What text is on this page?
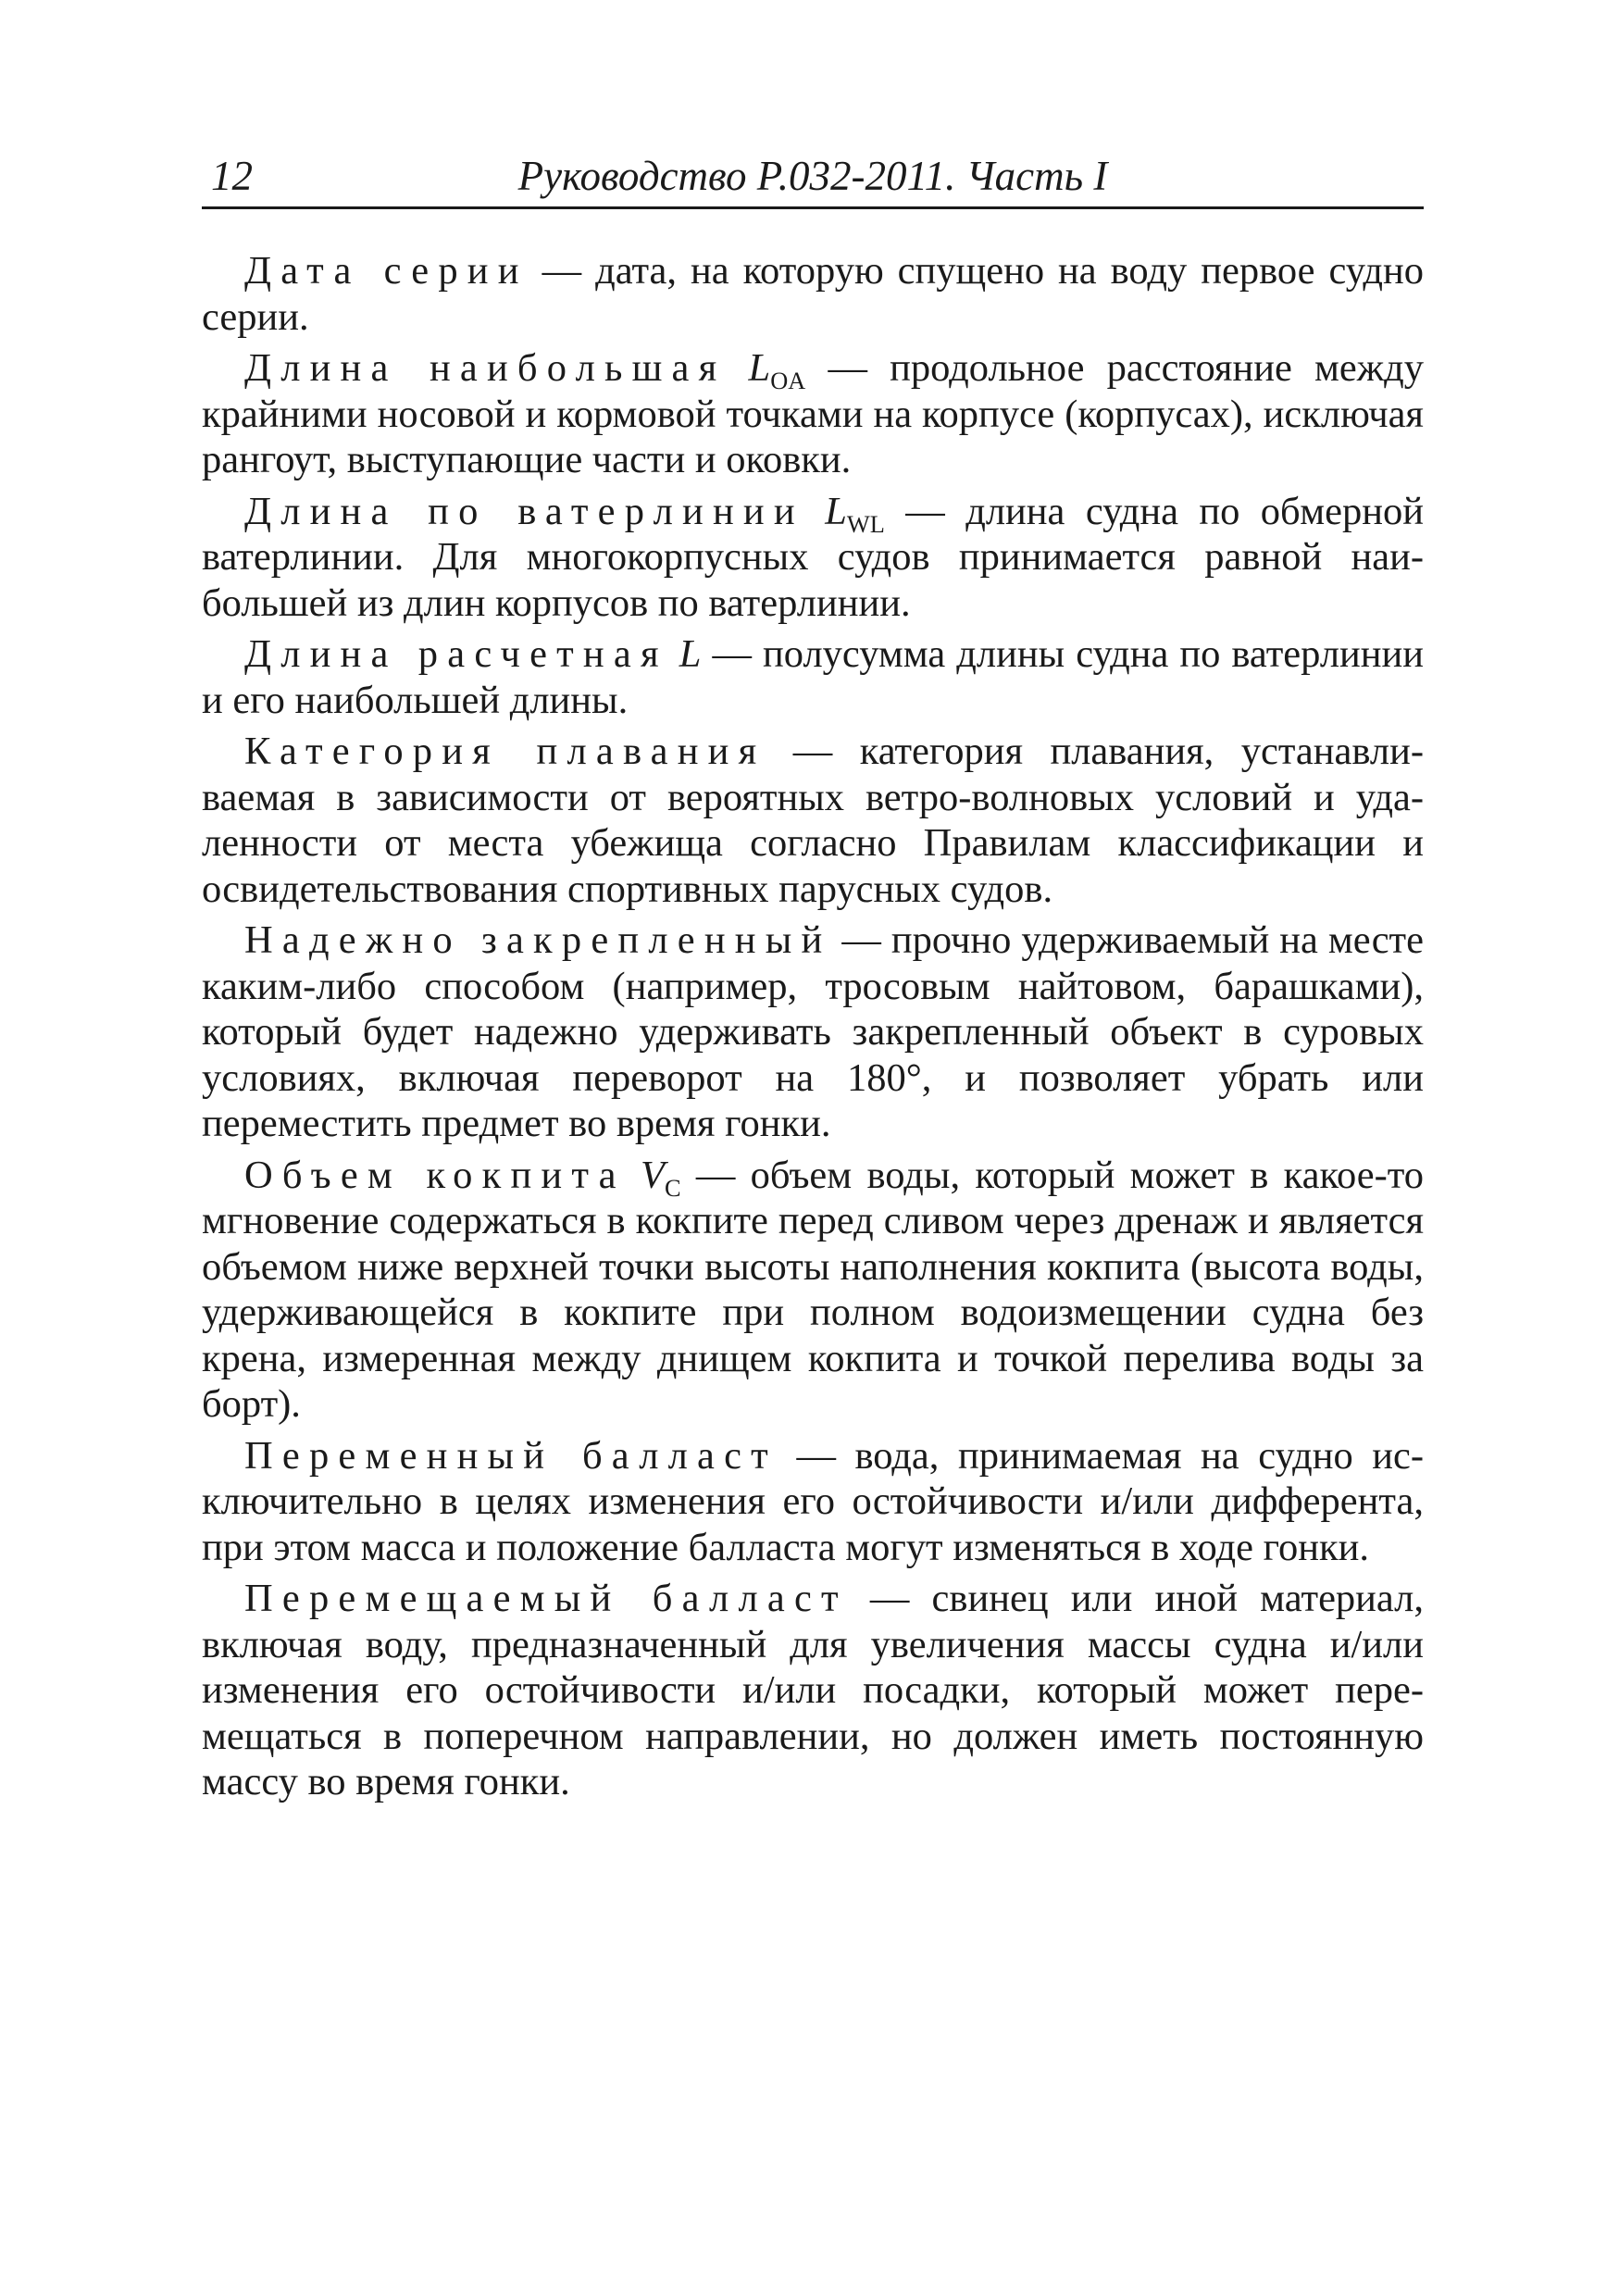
12	Руководство Р.032-2011. Часть I

Дата серии — дата, на которую спущено на воду первое судно серии.

Длина наибольшая $L_{OA}$ — продольное расстояние между крайними носовой и кормовой точками на корпусе (корпусах), исключая рангоут, выступающие части и оковки.

Длина по ватерлинии $L_{WL}$ — длина судна по обмерной ватерлинии. Для многокорпусных судов принимается равной наибольшей из длин корпусов по ватерлинии.

Длина расчетная L — полусумма длины судна по ватерлинии и его наибольшей длины.

Категория плавания — категория плавания, устанавливаемая в зависимости от вероятных ветро-волновых условий и удаленности от места убежища согласно Правилам классификации и освидетельствования спортивных парусных судов.

Надежно закрепленный — прочно удерживаемый на месте каким-либо способом (например, тросовым найтовом, барашками), который будет надежно удерживать закрепленный объект в суровых условиях, включая переворот на 180°, и позволяет убрать или переместить предмет во время гонки.

Объем кокпита $V_C$ — объем воды, который может в какое-то мгновение содержаться в кокпите перед сливом через дренаж и является объемом ниже верхней точки высоты наполнения кокпита (высота воды, удерживающейся в кокпите при полном водоизмещении судна без крена, измеренная между днищем кокпита и точкой перелива воды за борт).

Переменный балласт — вода, принимаемая на судно исключительно в целях изменения его остойчивости и/или дифферента, при этом масса и положение балласта могут изменяться в ходе гонки.

Перемещаемый балласт — свинец или иной материал, включая воду, предназначенный для увеличения массы судна и/или изменения его остойчивости и/или посадки, который может перемещаться в поперечном направлении, но должен иметь постоянную массу во время гонки.
